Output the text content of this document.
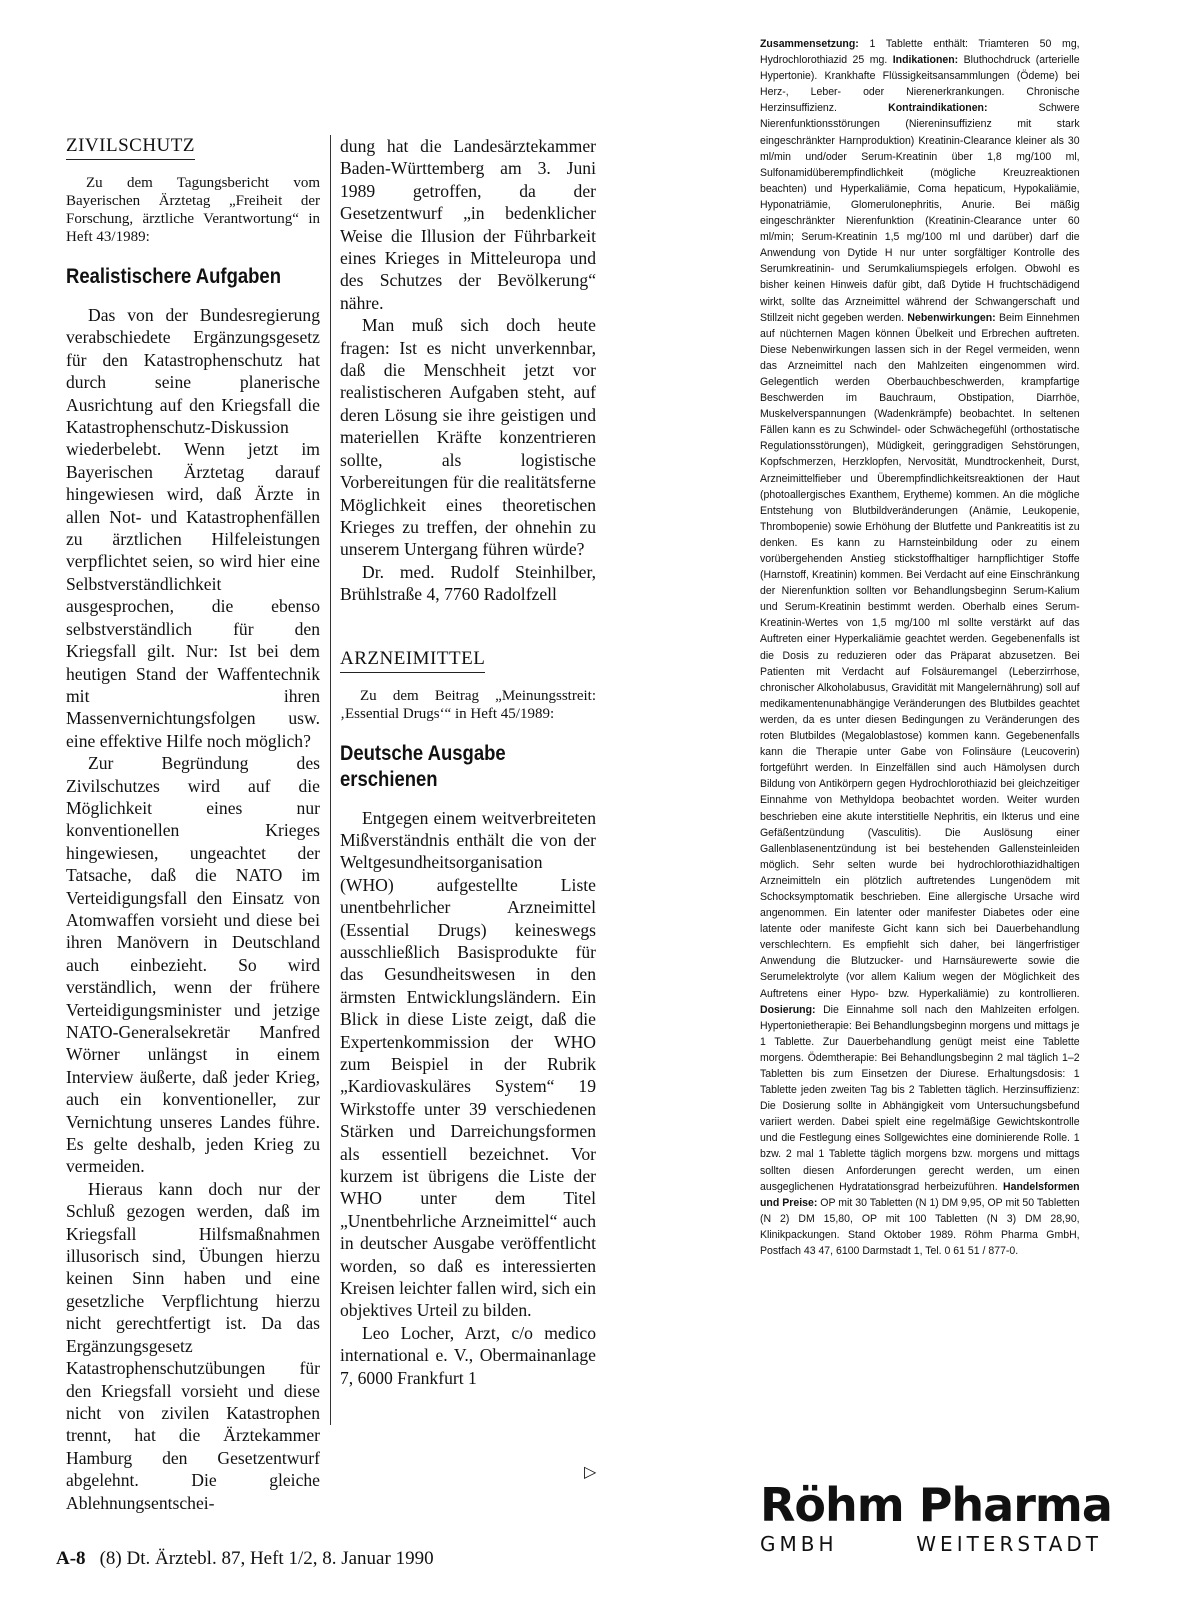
ZIVILSCHUTZ

Zu dem Tagungsbericht vom Bayerischen Ärztetag „Freiheit der Forschung, ärztliche Verantwortung“ in Heft 43/1989:

Realistischere Aufgaben

Das von der Bundesregierung verabschiedete Ergänzungsgesetz für den Katastrophenschutz hat durch seine planerische Ausrichtung auf den Kriegsfall die Katastrophenschutz-Diskussion wiederbelebt. Wenn jetzt im Bayerischen Ärztetag darauf hingewiesen wird, daß Ärzte in allen Not- und Katastrophenfällen zu ärztlichen Hilfeleistungen verpflichtet seien, so wird hier eine Selbstverständlichkeit ausgesprochen, die ebenso selbstverständlich für den Kriegsfall gilt. Nur: Ist bei dem heutigen Stand der Waffentechnik mit ihren Massenvernichtungsfolgen usw. eine effektive Hilfe noch möglich?

Zur Begründung des Zivilschutzes wird auf die Möglichkeit eines nur konventionellen Krieges hingewiesen, ungeachtet der Tatsache, daß die NATO im Verteidigungsfall den Einsatz von Atomwaffen vorsieht und diese bei ihren Manövern in Deutschland auch einbezieht. So wird verständlich, wenn der frühere Verteidigungsminister und jetzige NATO-Generalsekretär Manfred Wörner unlängst in einem Interview äußerte, daß jeder Krieg, auch ein konventioneller, zur Vernichtung unseres Landes führe. Es gelte deshalb, jeden Krieg zu vermeiden.

Hieraus kann doch nur der Schluß gezogen werden, daß im Kriegsfall Hilfsmaßnahmen illusorisch sind, Übungen hierzu keinen Sinn haben und eine gesetzliche Verpflichtung hierzu nicht gerechtfertigt ist. Da das Ergänzungsgesetz Katastrophenschutzübungen für den Kriegsfall vorsieht und diese nicht von zivilen Katastrophen trennt, hat die Ärztekammer Hamburg den Gesetzentwurf abgelehnt. Die gleiche Ablehnungsentschei-

dung hat die Landesärztekammer Baden-Württemberg am 3. Juni 1989 getroffen, da der Gesetzentwurf „in bedenklicher Weise die Illusion der Führbarkeit eines Krieges in Mitteleuropa und des Schutzes der Bevölkerung“ nähre.

Man muß sich doch heute fragen: Ist es nicht unverkennbar, daß die Menschheit jetzt vor realistischeren Aufgaben steht, auf deren Lösung sie ihre geistigen und materiellen Kräfte konzentrieren sollte, als logistische Vorbereitungen für die realitätsferne Möglichkeit eines theoretischen Krieges zu treffen, der ohnehin zu unserem Untergang führen würde?

Dr. med. Rudolf Steinhilber, Brühlstraße 4, 7760 Radolfzell

ARZNEIMITTEL

Zu dem Beitrag „Meinungsstreit: ‚Essential Drugs‘“ in Heft 45/1989:

Deutsche Ausgabe erschienen

Entgegen einem weitverbreiteten Mißverständnis enthält die von der Weltgesundheitsorganisation (WHO) aufgestellte Liste unentbehrlicher Arzneimittel (Essential Drugs) keineswegs ausschließlich Basisprodukte für das Gesundheitswesen in den ärmsten Entwicklungsländern. Ein Blick in diese Liste zeigt, daß die Expertenkommission der WHO zum Beispiel in der Rubrik „Kardiovaskuläres System“ 19 Wirkstoffe unter 39 verschiedenen Stärken und Darreichungsformen als essentiell bezeichnet. Vor kurzem ist übrigens die Liste der WHO unter dem Titel „Unentbehrliche Arzneimittel“ auch in deutscher Ausgabe veröffentlicht worden, so daß es interessierten Kreisen leichter fallen wird, sich ein objektives Urteil zu bilden.

Leo Locher, Arzt, c/o medico international e. V., Obermainanlage 7, 6000 Frankfurt 1

▷
Zusammensetzung: 1 Tablette enthält: Triamteren 50 mg, Hydrochlorothiazid 25 mg. Indikationen: Bluthochdruck (arterielle Hypertonie). Krankhafte Flüssigkeitsansammlungen (Ödeme) bei Herz-, Leber- oder Nierenerkrankungen. Chronische Herzinsuffizienz. Kontraindikationen: Schwere Nierenfunktionsstörungen (Niereninsuffizienz mit stark eingeschränkter Harnproduktion) Kreatinin-Clearance kleiner als 30 ml/min und/oder Serum-Kreatinin über 1,8 mg/100 ml, Sulfonamidüberempfindlichkeit (mögliche Kreuzreaktionen beachten) und Hyperkaliämie, Coma hepaticum, Hypokaliämie, Hyponatriämie, Glomerulonephritis, Anurie. Bei mäßig eingeschränkter Nierenfunktion (Kreatinin-Clearance unter 60 ml/min; Serum-Kreatinin 1,5 mg/100 ml und darüber) darf die Anwendung von Dytide H nur unter sorgfältiger Kontrolle des Serumkreatinin- und Serumkaliumspiegels erfolgen. Obwohl es bisher keinen Hinweis dafür gibt, daß Dytide H fruchtschädigend wirkt, sollte das Arzneimittel während der Schwangerschaft und Stillzeit nicht gegeben werden. Nebenwirkungen: Beim Einnehmen auf nüchternen Magen können Übelkeit und Erbrechen auftreten. Diese Nebenwirkungen lassen sich in der Regel vermeiden, wenn das Arzneimittel nach den Mahlzeiten eingenommen wird. Gelegentlich werden Oberbauchbeschwerden, krampfartige Beschwerden im Bauchraum, Obstipation, Diarrhöe, Muskelverspannungen (Wadenkrämpfe) beobachtet. In seltenen Fällen kann es zu Schwindel- oder Schwächegefühl (orthostatische Regulationsstörungen), Müdigkeit, geringgradigen Sehstörungen, Kopfschmerzen, Herzklopfen, Nervosität, Mundtrockenheit, Durst, Arzneimittelfieber und Überempfindlichkeitsreaktionen der Haut (photoallergisches Exanthem, Erytheme) kommen. An die mögliche Entstehung von Blutbildveränderungen (Anämie, Leukopenie, Thrombopenie) sowie Erhöhung der Blutfette und Pankreatitis ist zu denken. Es kann zu Harnsteinbildung oder zu einem vorübergehenden Anstieg stickstoffhaltiger harnpflichtiger Stoffe (Harnstoff, Kreatinin) kommen. Bei Verdacht auf eine Einschränkung der Nierenfunktion sollten vor Behandlungsbeginn Serum-Kalium und Serum-Kreatinin bestimmt werden. Oberhalb eines Serum-Kreatinin-Wertes von 1,5 mg/100 ml sollte verstärkt auf das Auftreten einer Hyperkaliämie geachtet werden. Gegebenenfalls ist die Dosis zu reduzieren oder das Präparat abzusetzen. Bei Patienten mit Verdacht auf Folsäuremangel (Leberzirrhose, chronischer Alkoholabusus, Gravidität mit Mangelernährung) soll auf medikamentenunabhängige Veränderungen des Blutbildes geachtet werden, da es unter diesen Bedingungen zu Veränderungen des roten Blutbildes (Megaloblastose) kommen kann. Gegebenenfalls kann die Therapie unter Gabe von Folinsäure (Leucoverin) fortgeführt werden. In Einzelfällen sind auch Hämolysen durch Bildung von Antikörpern gegen Hydrochlorothiazid bei gleichzeitiger Einnahme von Methyldopa beobachtet worden. Weiter wurden beschrieben eine akute interstitielle Nephritis, ein Ikterus und eine Gefäßentzündung (Vasculitis). Die Auslösung einer Gallenblasenentzündung ist bei bestehenden Gallensteinleiden möglich. Sehr selten wurde bei hydrochlorothiazidhaltigen Arzneimitteln ein plötzlich auftretendes Lungenödem mit Schocksymptomatik beschrieben. Eine allergische Ursache wird angenommen. Ein latenter oder manifester Diabetes oder eine latente oder manifeste Gicht kann sich bei Dauerbehandlung verschlechtern. Es empfiehlt sich daher, bei längerfristiger Anwendung die Blutzucker- und Harnsäurewerte sowie die Serumelektrolyte (vor allem Kalium wegen der Möglichkeit des Auftretens einer Hypo- bzw. Hyperkaliämie) zu kontrollieren. Dosierung: Die Einnahme soll nach den Mahlzeiten erfolgen. Hypertonietherapie: Bei Behandlungsbeginn morgens und mittags je 1 Tablette. Zur Dauerbehandlung genügt meist eine Tablette morgens. Ödemtherapie: Bei Behandlungsbeginn 2 mal täglich 1–2 Tabletten bis zum Einsetzen der Diurese. Erhaltungsdosis: 1 Tablette jeden zweiten Tag bis 2 Tabletten täglich. Herzinsuffizienz: Die Dosierung sollte in Abhängigkeit vom Untersuchungsbefund variiert werden. Dabei spielt eine regelmäßige Gewichtskontrolle und die Festlegung eines Sollgewichtes eine dominierende Rolle. 1 bzw. 2 mal 1 Tablette täglich morgens bzw. morgens und mittags sollten diesen Anforderungen gerecht werden, um einen ausgeglichenen Hydratationsgrad herbeizuführen. Handelsformen und Preise: OP mit 30 Tabletten (N 1) DM 9,95, OP mit 50 Tabletten (N 2) DM 15,80, OP mit 100 Tabletten (N 3) DM 28,90, Klinikpackungen. Stand Oktober 1989. Röhm Pharma GmbH, Postfach 43 47, 6100 Darmstadt 1, Tel. 0 61 51 / 877-0.
Röhm Pharma
GMBH	WEITERSTADT
A-8 (8) Dt. Ärztebl. 87, Heft 1/2, 8. Januar 1990
